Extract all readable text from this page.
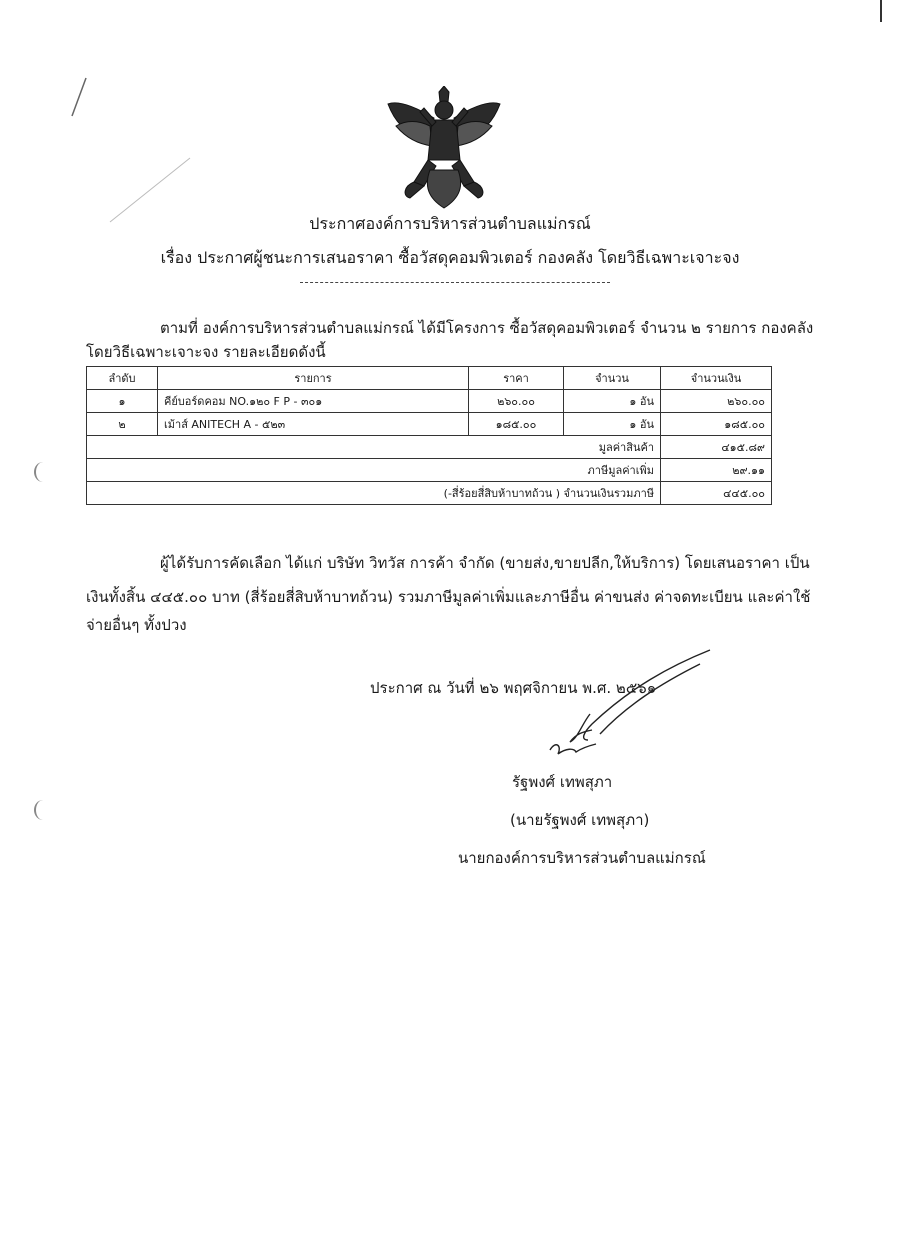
ประกาศองค์การบริหารส่วนตำบลแม่กรณ์
เรื่อง ประกาศผู้ชนะการเสนอราคา ซื้อวัสดุคอมพิวเตอร์ กองคลัง โดยวิธีเฉพาะเจาะจง
ตามที่ องค์การบริหารส่วนตำบลแม่กรณ์ ได้มีโครงการ ซื้อวัสดุคอมพิวเตอร์ จำนวน ๒ รายการ กองคลัง
โดยวิธีเฉพาะเจาะจง รายละเอียดดังนี้
ลำดับ	รายการ	ราคา	จำนวน	จำนวนเงิน
๑	คีย์บอร์ดคอม NO.๑๒๐ F P - ๓๐๑	๒๖๐.๐๐	๑ อัน	๒๖๐.๐๐
๒	เม้าส์ ANITECH A - ๕๒๓	๑๘๕.๐๐	๑ อัน	๑๘๕.๐๐
มูลค่าสินค้า				๔๑๕.๘๙
ภาษีมูลค่าเพิ่ม				๒๙.๑๑
(-สี่ร้อยสี่สิบห้าบาทถ้วน ) จำนวนเงินรวมภาษี				๔๔๕.๐๐
ผู้ได้รับการคัดเลือก ได้แก่ บริษัท วิทวัส การค้า จำกัด (ขายส่ง,ขายปลีก,ให้บริการ) โดยเสนอราคา เป็น
เงินทั้งสิ้น ๔๔๕.๐๐ บาท (สี่ร้อยสี่สิบห้าบาทถ้วน) รวมภาษีมูลค่าเพิ่มและภาษีอื่น ค่าขนส่ง ค่าจดทะเบียน และค่าใช้
จ่ายอื่นๆ ทั้งปวง
ประกาศ ณ วันที่ ๒๖ พฤศจิกายน พ.ศ. ๒๕๖๑
รัฐพงศ์ เทพสุภา
(นายรัฐพงศ์ เทพสุภา)
นายกองค์การบริหารส่วนตำบลแม่กรณ์
